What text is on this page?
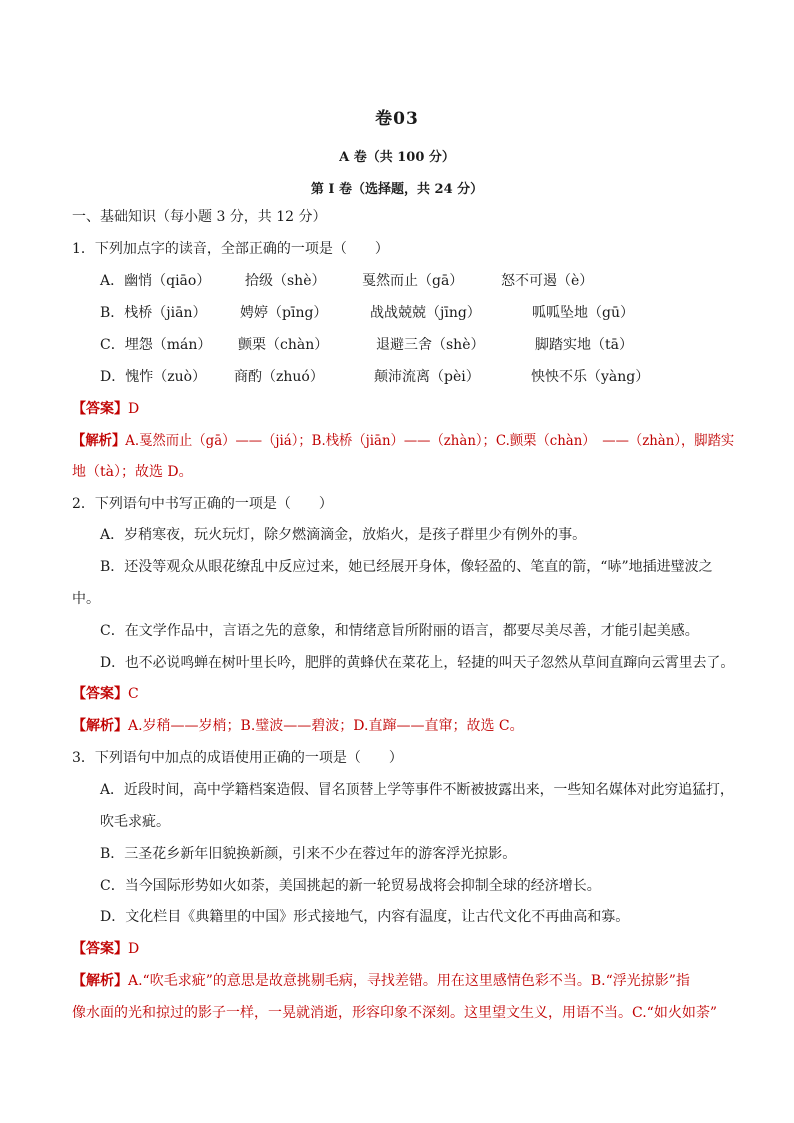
卷03
A 卷（共 100 分）
第 I 卷（选择题，共 24 分）
一、基础知识（每小题 3 分，共 12 分）
1．下列加点字的读音，全部正确的一项是（　　）
A．幽悄（qiāo） 拾级（shè）	戛然而止（gā）	怒不可遏（è）
B．栈桥（jiān） 娉婷（pīng）	战战兢兢（jīng）	呱呱坠地（gū）
C．埋怨（mán） 颤栗（chàn）	退避三舍（shè）	脚踏实地（tā）
D．愧怍（zuò） 商酌（zhuó）	颠沛流离（pèi）	怏怏不乐（yàng）
【答案】D
【解析】A.戛然而止（gā）——（jiá）；B.栈桥（jiān）——（zhàn）；C.颤栗（chàn）　——（zhàn），脚踏实
地（tà）；故选 D。
2．下列语句中书写正确的一项是（　　）
A．岁稍寒夜，玩火玩灯，除夕燃滴滴金，放焰火，是孩子群里少有例外的事。
B．还没等观众从眼花缭乱中反应过来，她已经展开身体，像轻盈的、笔直的箭，“哧”地插进璧波之
中。
C．在文学作品中，言语之先的意象，和情绪意旨所附丽的语言，都要尽美尽善，才能引起美感。
D．也不必说鸣蝉在树叶里长吟，肥胖的黄蜂伏在菜花上，轻捷的叫天子忽然从草间直蹿向云霄里去了。
【答案】C
【解析】A.岁稍——岁梢；B.璧波——碧波；D.直蹿——直窜；故选 C。
3．下列语句中加点的成语使用正确的一项是（　　）
A．近段时间，高中学籍档案造假、冒名顶替上学等事件不断被披露出来，一些知名媒体对此穷追猛打，
吹毛求疵。
B．三圣花乡新年旧貌换新颜，引来不少在蓉过年的游客浮光掠影。
C．当今国际形势如火如荼，美国挑起的新一轮贸易战将会抑制全球的经济增长。
D．文化栏目《典籍里的中国》形式接地气，内容有温度，让古代文化不再曲高和寡。
【答案】D
【解析】A.“吹毛求疵”的意思是故意挑剔毛病，寻找差错。用在这里感情色彩不当。B.“浮光掠影”指
像水面的光和掠过的影子一样，一晃就消逝，形容印象不深刻。这里望文生义，用语不当。C.“如火如荼”
